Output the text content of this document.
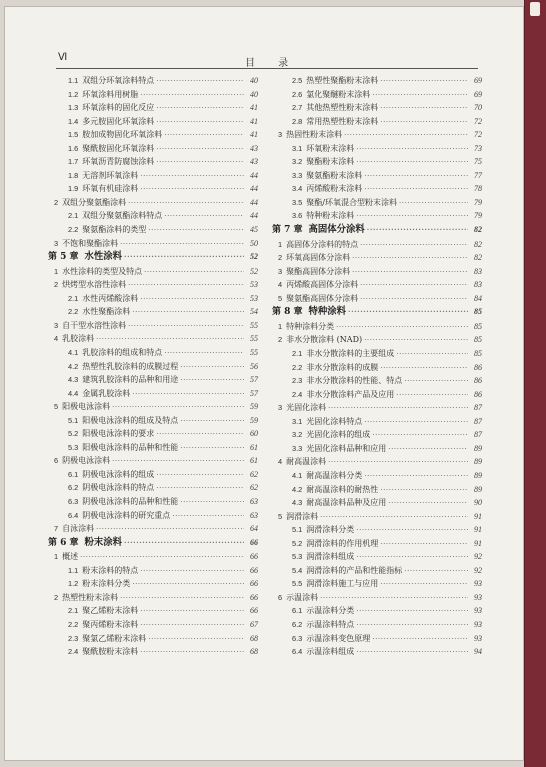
Ⅵ
目 录
1.1 双组分环氧涂料特点 ·····	40
1.2 环氧涂料用树脂 ·····	40
1.3 环氧涂料的固化反应 ·····	41
1.4 多元胺固化环氧涂料 ·····	41
1.5 胺加成物固化环氧涂料 ·····	41
1.6 聚酰胺固化环氧涂料 ·····	43
1.7 环氧沥青防腐蚀涂料 ·····	43
1.8 无溶剂环氧涂料 ·····	44
1.9 环氧有机硅涂料 ·····	44
2 双组分聚氨酯涂料 ·····	44
2.1 双组分聚氨酯涂料特点 ·····	44
2.2 聚氨酯涂料的类型 ·····	45
3 不饱和聚酯涂料 ·····	50
第 5 章 水性涂料 ·····	52
1 水性涂料的类型及特点 ·····	52
2 烘烤型水溶性涂料 ·····	53
2.1 水性丙烯酸涂料 ·····	53
2.2 水性聚酯涂料 ·····	54
3 自干型水溶性涂料 ·····	55
4 乳胶涂料 ·····	55
4.1 乳胶涂料的组成和特点 ·····	55
4.2 热塑性乳胶涂料的成膜过程 ·····	56
4.3 建筑乳胶涂料的品种和用途 ·····	57
4.4 金属乳胶涂料 ·····	57
5 阳极电泳涂料 ·····	59
5.1 阳极电泳涂料的组成及特点 ·····	59
5.2 阳极电泳涂料的要求 ·····	60
5.3 阳极电泳涂料的品种和性能 ·····	61
6 阴极电泳涂料 ·····	61
6.1 阴极电泳涂料的组成 ·····	62
6.2 阴极电泳涂料的特点 ·····	62
6.3 阴极电泳涂料的品种和性能 ·····	63
6.4 阴极电泳涂料的研究重点 ·····	63
7 自泳涂料 ·····	64
第 6 章 粉末涂料 ·····	66
1 概述 ·····	66
1.1 粉末涂料的特点 ·····	66
1.2 粉末涂料分类 ·····	66
2 热塑性粉末涂料 ·····	66
2.1 聚乙烯粉末涂料 ·····	66
2.2 聚丙烯粉末涂料 ·····	67
2.3 聚氯乙烯粉末涂料 ·····	68
2.4 聚酰胺粉末涂料 ·····	68
2.5 热塑性聚酯粉末涂料 ·····	69
2.6 氯化聚醚粉末涂料 ·····	69
2.7 其他热塑性粉末涂料 ·····	70
2.8 常用热塑性粉末涂料 ·····	72
3 热固性粉末涂料 ·····	72
3.1 环氧粉末涂料 ·····	73
3.2 聚酯粉末涂料 ·····	75
3.3 聚氨酯粉末涂料 ·····	77
3.4 丙烯酸粉末涂料 ·····	78
3.5 聚酯/环氧混合型粉末涂料 ·····	79
3.6 特种粉末涂料 ·····	79
第 7 章 高固体分涂料 ·····	82
1 高固体分涂料的特点 ·····	82
2 环氧高固体分涂料 ·····	82
3 聚酯高固体分涂料 ·····	83
4 丙烯酸高固体分涂料 ·····	83
5 聚氨酯高固体分涂料 ·····	84
第 8 章 特种涂料 ·····	85
1 特种涂料分类 ·····	85
2 非水分散涂料 (NAD) ·····	85
2.1 非水分散涂料的主要组成 ·····	85
2.2 非水分散涂料的成膜 ·····	86
2.3 非水分散涂料的性能、特点 ·····	86
2.4 非水分散涂料产品及应用 ·····	86
3 光固化涂料 ·····	87
3.1 光固化涂料特点 ·····	87
3.2 光固化涂料的组成 ·····	87
3.3 光固化涂料品种和应用 ·····	89
4 耐高温涂料 ·····	89
4.1 耐高温涂料分类 ·····	89
4.2 耐高温涂料的耐热性 ·····	89
4.3 耐高温涂料品种及应用 ·····	90
5 润滑涂料 ·····	91
5.1 润滑涂料分类 ·····	91
5.2 润滑涂料的作用机理 ·····	91
5.3 润滑涂料组成 ·····	92
5.4 润滑涂料的产品和性能指标 ·····	92
5.5 润滑涂料施工与应用 ·····	93
6 示温涂料 ·····	93
6.1 示温涂料分类 ·····	93
6.2 示温涂料特点 ·····	93
6.3 示温涂料变色原理 ·····	93
6.4 示温涂料组成 ·····	94
